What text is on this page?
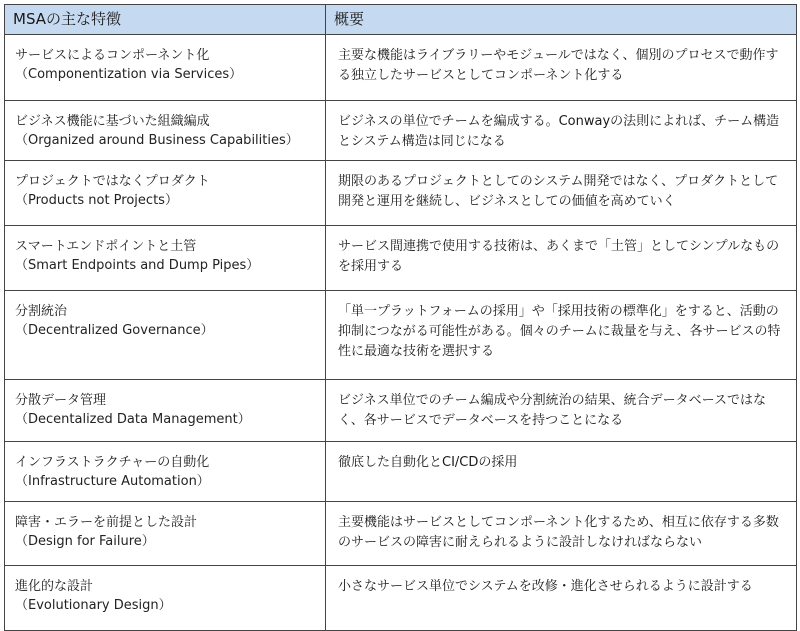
MSAの主な特徴	概要

サービスによるコンポーネント化
（Componentization via Services）	主要な機能はライブラリーやモジュールではなく、個別のプロセスで動作する独立したサービスとしてコンポーネント化する

ビジネス機能に基づいた組織編成
（Organized around Business Capabilities）	ビジネスの単位でチームを編成する。Conwayの法則によれば、チーム構造とシステム構造は同じになる

プロジェクトではなくプロダクト
（Products not Projects）	期限のあるプロジェクトとしてのシステム開発ではなく、プロダクトとして開発と運用を継続し、ビジネスとしての価値を高めていく

スマートエンドポイントと土管
（Smart Endpoints and Dump Pipes）	サービス間連携で使用する技術は、あくまで「土管」としてシンプルなものを採用する

分割統治
（Decentralized Governance）	「単一プラットフォームの採用」や「採用技術の標準化」をすると、活動の抑制につながる可能性がある。個々のチームに裁量を与え、各サービスの特性に最適な技術を選択する

分散データ管理
（Decentalized Data Management）	ビジネス単位でのチーム編成や分割統治の結果、統合データベースではなく、各サービスでデータベースを持つことになる

インフラストラクチャーの自動化
（Infrastructure Automation）	徹底した自動化とCI/CDの採用

障害・エラーを前提とした設計
（Design for Failure）	主要機能はサービスとしてコンポーネント化するため、相互に依存する多数のサービスの障害に耐えられるように設計しなければならない

進化的な設計
（Evolutionary Design）	小さなサービス単位でシステムを改修・進化させられるように設計する
